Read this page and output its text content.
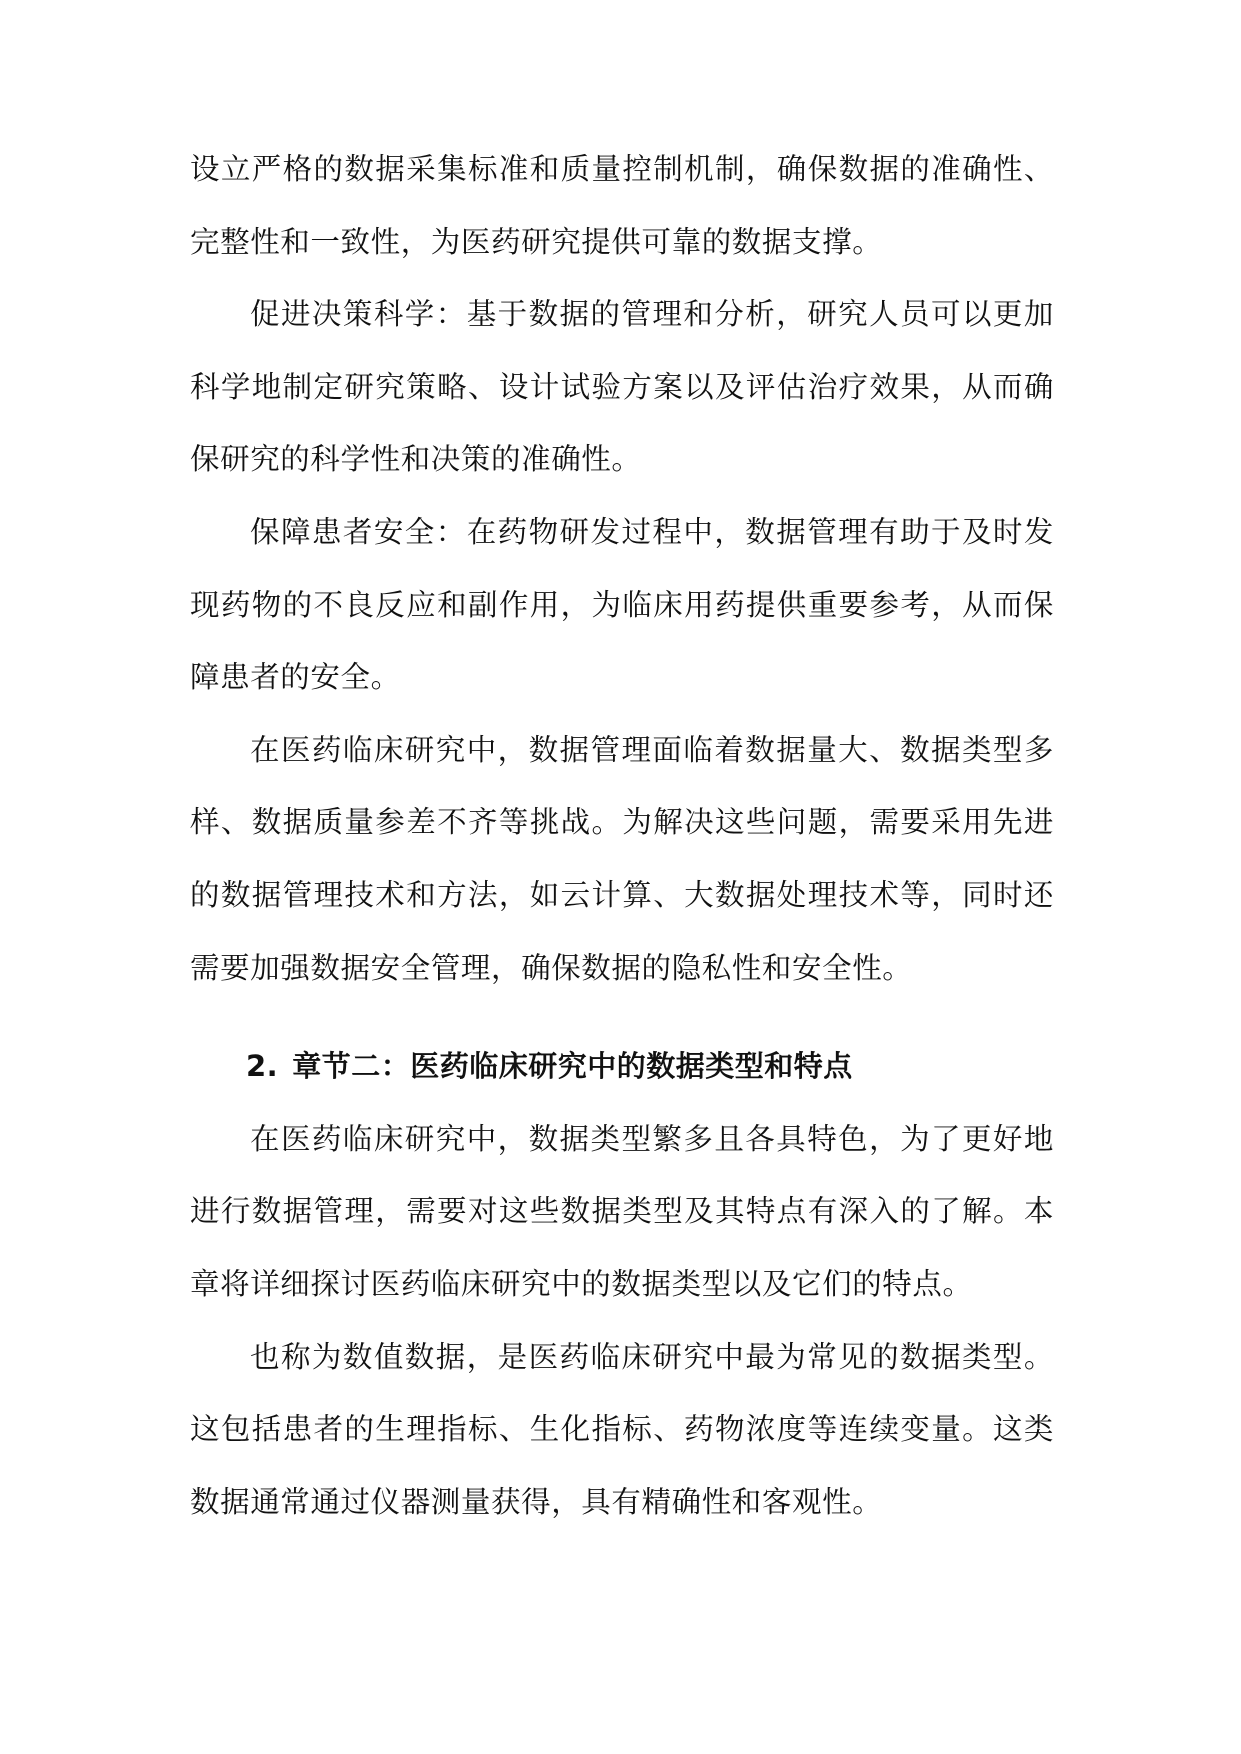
设立严格的数据采集标准和质量控制机制，确保数据的准确性、完整性和一致性，为医药研究提供可靠的数据支撑。

促进决策科学：基于数据的管理和分析，研究人员可以更加科学地制定研究策略、设计试验方案以及评估治疗效果，从而确保研究的科学性和决策的准确性。

保障患者安全：在药物研发过程中，数据管理有助于及时发现药物的不良反应和副作用，为临床用药提供重要参考，从而保障患者的安全。

在医药临床研究中，数据管理面临着数据量大、数据类型多样、数据质量参差不齐等挑战。为解决这些问题，需要采用先进的数据管理技术和方法，如云计算、大数据处理技术等，同时还需要加强数据安全管理，确保数据的隐私性和安全性。

2. 章节二：医药临床研究中的数据类型和特点

在医药临床研究中，数据类型繁多且各具特色，为了更好地进行数据管理，需要对这些数据类型及其特点有深入的了解。本章将详细探讨医药临床研究中的数据类型以及它们的特点。

也称为数值数据，是医药临床研究中最为常见的数据类型。这包括患者的生理指标、生化指标、药物浓度等连续变量。这类数据通常通过仪器测量获得，具有精确性和客观性。
